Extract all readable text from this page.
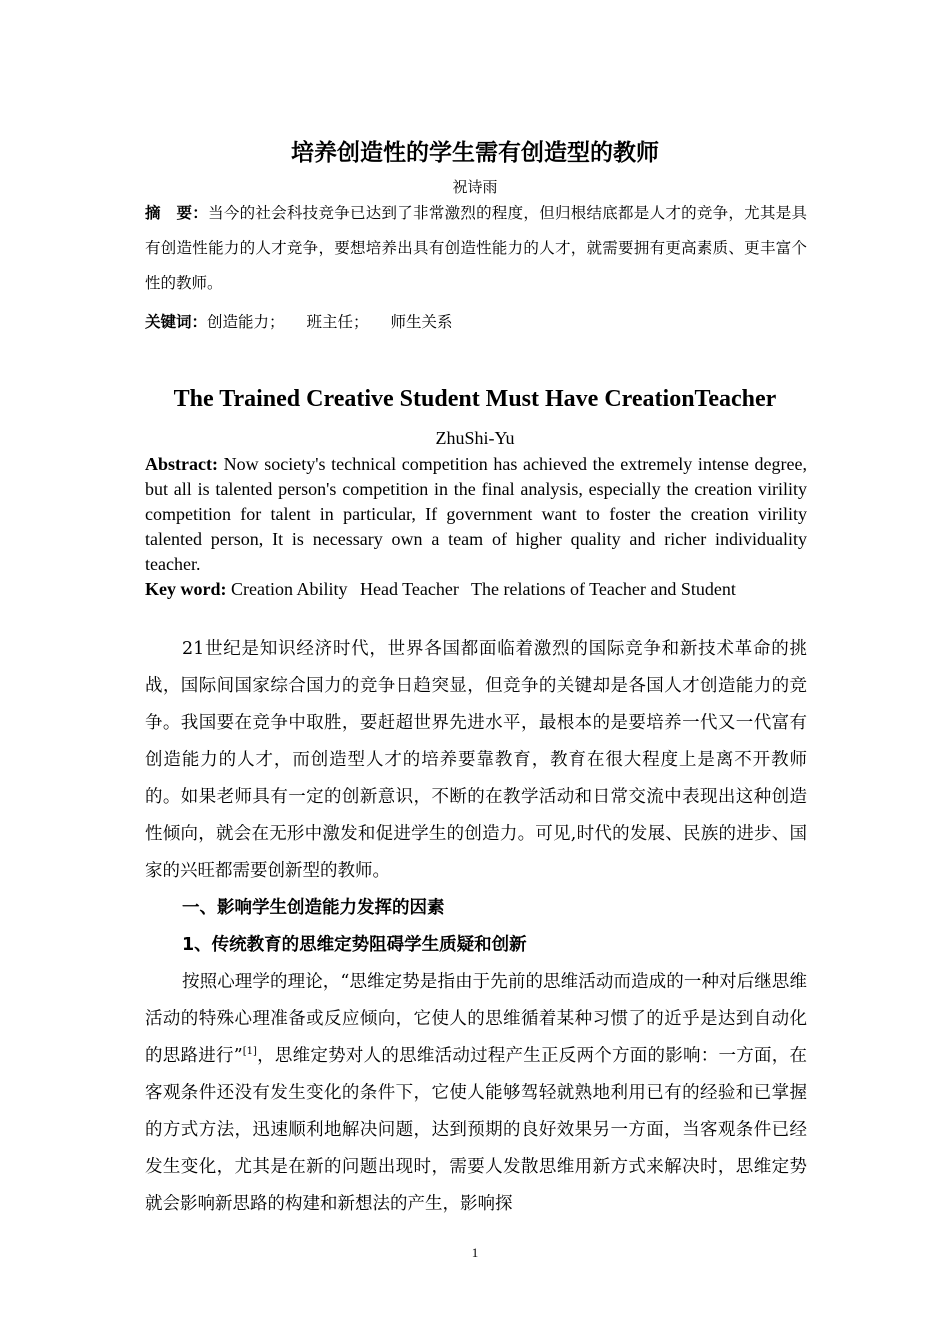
培养创造性的学生需有创造型的教师
祝诗雨
摘　要：当今的社会科技竞争已达到了非常激烈的程度，但归根结底都是人才的竞争，尤其是具有创造性能力的人才竞争，要想培养出具有创造性能力的人才，就需要拥有更高素质、更丰富个性的教师。
关键词：创造能力； 班主任； 师生关系
The Trained Creative Student Must Have CreationTeacher
ZhuShi-Yu
Abstract: Now society's technical competition has achieved the extremely intense degree, but all is talented person's competition in the final analysis, especially the creation virility competition for talent in particular, If government want to foster the creation virility talented person, It is necessary own a team of higher quality and richer individuality teacher.
Key word: Creation Ability Head Teacher The relations of Teacher and Student

21世纪是知识经济时代，世界各国都面临着激烈的国际竞争和新技术革命的挑战，国际间国家综合国力的竞争日趋突显，但竞争的关键却是各国人才创造能力的竞争。我国要在竞争中取胜，要赶超世界先进水平，最根本的是要培养一代又一代富有创造能力的人才，而创造型人才的培养要靠教育，教育在很大程度上是离不开教师的。如果老师具有一定的创新意识，不断的在教学活动和日常交流中表现出这种创造性倾向，就会在无形中激发和促进学生的创造力。可见,时代的发展、民族的进步、国家的兴旺都需要创新型的教师。

一、影响学生创造能力发挥的因素
1、传统教育的思维定势阻碍学生质疑和创新

按照心理学的理论，“思维定势是指由于先前的思维活动而造成的一种对后继思维活动的特殊心理准备或反应倾向，它使人的思维循着某种习惯了的近乎是达到自动化的思路进行”[1]，思维定势对人的思维活动过程产生正反两个方面的影响：一方面，在客观条件还没有发生变化的条件下，它使人能够驾轻就熟地利用已有的经验和已掌握的方式方法，迅速顺利地解决问题，达到预期的良好效果另一方面，当客观条件已经发生变化，尤其是在新的问题出现时，需要人发散思维用新方式来解决时，思维定势就会影响新思路的构建和新想法的产生，影响探

1
